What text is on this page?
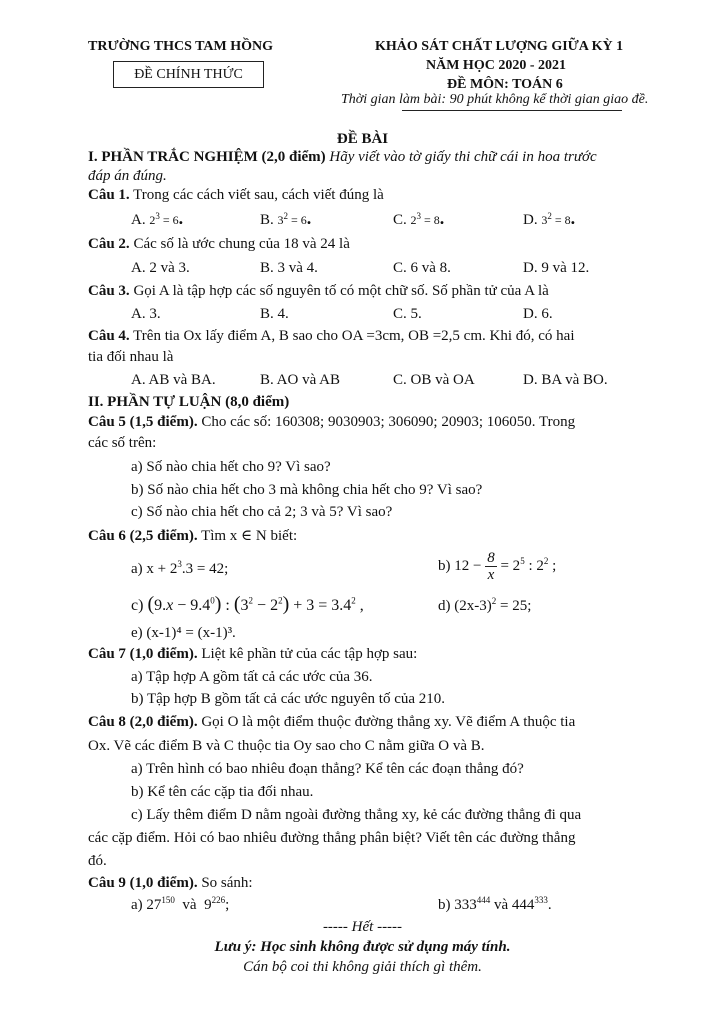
TRƯỜNG THCS TAM HỒNG
ĐỀ CHÍNH THỨC
KHẢO SÁT CHẤT LƯỢNG GIỮA KỲ 1
NĂM HỌC 2020 - 2021
ĐỀ MÔN: TOÁN 6
Thời gian làm bài: 90 phút không kể thời gian giao đề.
ĐỀ BÀI
I. PHẦN TRẮC NGHIỆM (2,0 điểm) Hãy viết vào tờ giấy thi chữ cái in hoa trước
đáp án đúng.
Câu 1. Trong các cách viết sau, cách viết đúng là
A. $2^3 = 6$.	B. $3^2 = 6$.	C. $2^3 = 8$.	D. $3^2 = 8$.
Câu 2. Các số là ước chung của 18 và 24 là
A. 2 và 3.	B. 3 và 4.	C. 6 và 8.	D. 9 và 12.
Câu 3. Gọi A là tập hợp các số nguyên tố có một chữ số. Số phần tử của A là
A. 3.	B. 4.	C. 5.	D. 6.
Câu 4. Trên tia Ox lấy điểm A, B sao cho OA =3cm, OB =2,5 cm. Khi đó, có hai
tia đối nhau là
A. AB và BA.	B. AO và AB	C. OB và OA	D. BA và BO.
II. PHẦN TỰ LUẬN (8,0 điểm)
Câu 5 (1,5 điểm). Cho các số: 160308; 9030903; 306090; 20903; 106050. Trong
các số trên:
a) Số nào chia hết cho 9? Vì sao?
b) Số nào chia hết cho 3 mà không chia hết cho 9? Vì sao?
c) Số nào chia hết cho cả 2; 3 và 5? Vì sao?
Câu 6 (2,5 điểm). Tìm x ∈ N biết:
a) $x + 2^3.3 = 42$;	b) $12 - \frac{8}{x} = 2^5$ : $2^2$ ;
c) $(9.x - 9.4^0)$ : $(3^2 - 2^2) + 3 = 3.4^2$ ,	d) $(2x-3)^2 = 25$;
e) (x-1)⁴ = (x-1)³.
Câu 7 (1,0 điểm). Liệt kê phần tử của các tập hợp sau:
a) Tập hợp A gồm tất cả các ước của 36.
b) Tập hợp B gồm tất cả các ước nguyên tố của 210.
Câu 8 (2,0 điểm). Gọi O là một điểm thuộc đường thẳng xy. Vẽ điểm A thuộc tia
Ox. Vẽ các điểm B và C thuộc tia Oy sao cho C nằm giữa O và B.
a) Trên hình có bao nhiêu đoạn thẳng? Kể tên các đoạn thẳng đó?
b) Kể tên các cặp tia đối nhau.
c) Lấy thêm điểm D nằm ngoài đường thẳng xy, kẻ các đường thẳng đi qua
các cặp điểm. Hỏi có bao nhiêu đường thẳng phân biệt? Viết tên các đường thẳng
đó.
Câu 9 (1,0 điểm). So sánh:
a) $27^{150}$  và  $9^{226}$;	b) $333^{444}$ và $444^{333}$.
----- Hết -----
Lưu ý: Học sinh không được sử dụng máy tính.
Cán bộ coi thi không giải thích gì thêm.
